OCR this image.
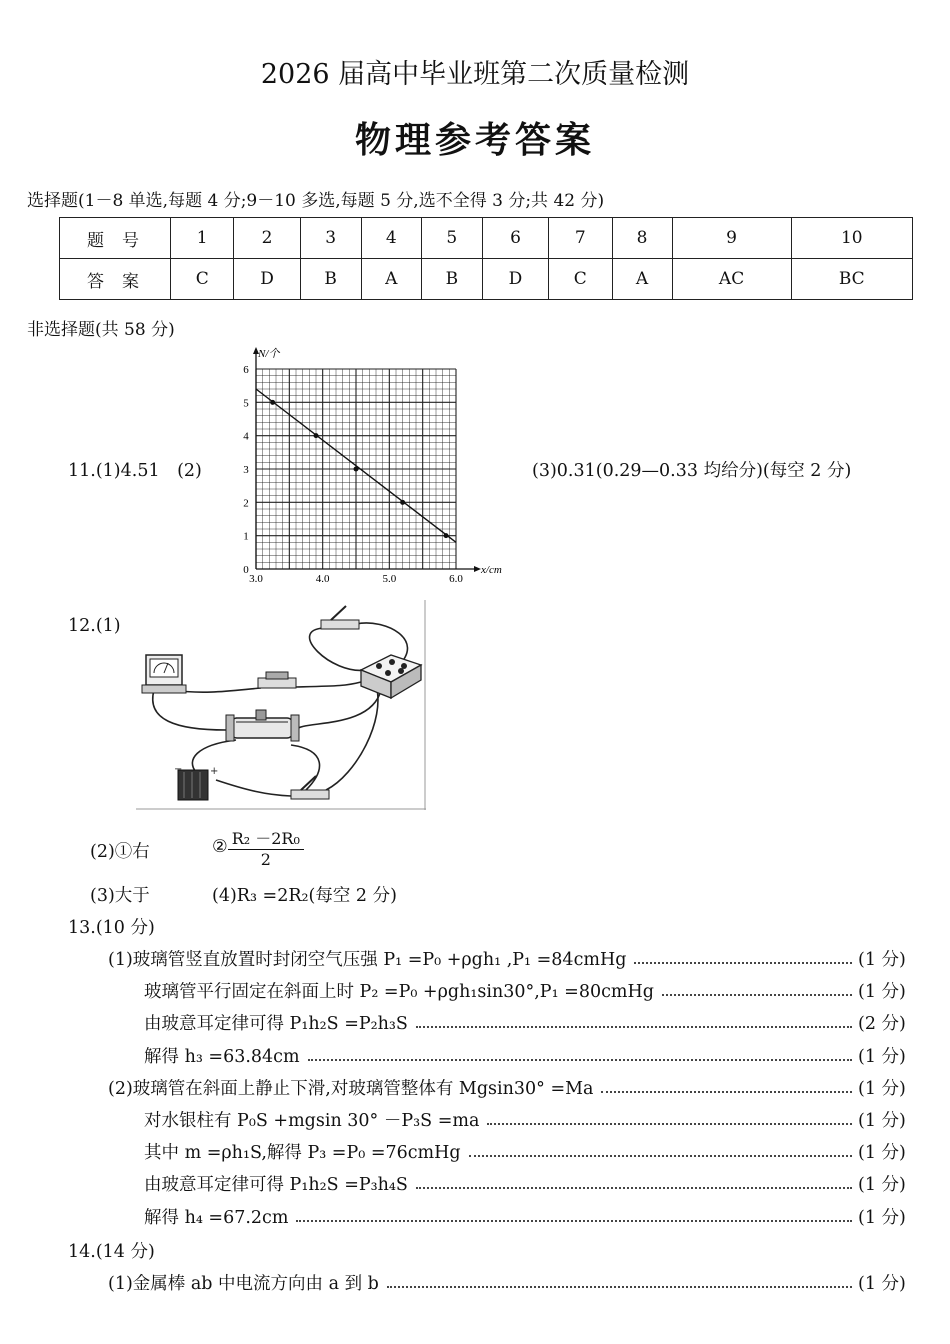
2026 届高中毕业班第二次质量检测
物理参考答案
选择题(1－8 单选,每题 4 分;9－10 多选,每题 5 分,选不全得 3 分;共 42 分)
题号	1	2	3	4	5	6	7	8	9	10
答案	C	D	B	A	B	D	C	A	AC	BC
非选择题(共 58 分)
11.(1)4.51　(2)	(3)0.31(0.29—0.33 均给分)(每空 2 分)
N/个
x/cm
6
5
4
3
2
1
0
3.0	4.0	5.0	6.0
12.(1)
−	+
(2)①右	② $\frac{\text{R₂ －2R₀}}{2}$
(3)大于	(4)R₃ =2R₂(每空 2 分)
13.(10 分)
(1)玻璃管竖直放置时封闭空气压强 P₁ =P₀ +ρgh₁ ,P₁ =84cmHg	(1 分)
玻璃管平行固定在斜面上时 P₂ =P₀ +ρgh₁sin30°,P₁ =80cmHg	(1 分)
由玻意耳定律可得 P₁h₂S =P₂h₃S	(2 分)
解得 h₃ =63.84cm	(1 分)
(2)玻璃管在斜面上静止下滑,对玻璃管整体有 Mgsin30° =Ma	(1 分)
对水银柱有 P₀S +mgsin 30° －P₃S =ma	(1 分)
其中 m =ρh₁S,解得 P₃ =P₀ =76cmHg	(1 分)
由玻意耳定律可得 P₁h₂S =P₃h₄S	(1 分)
解得 h₄ =67.2cm	(1 分)
14.(14 分)
(1)金属棒 ab 中电流方向由 a 到 b	(1 分)
